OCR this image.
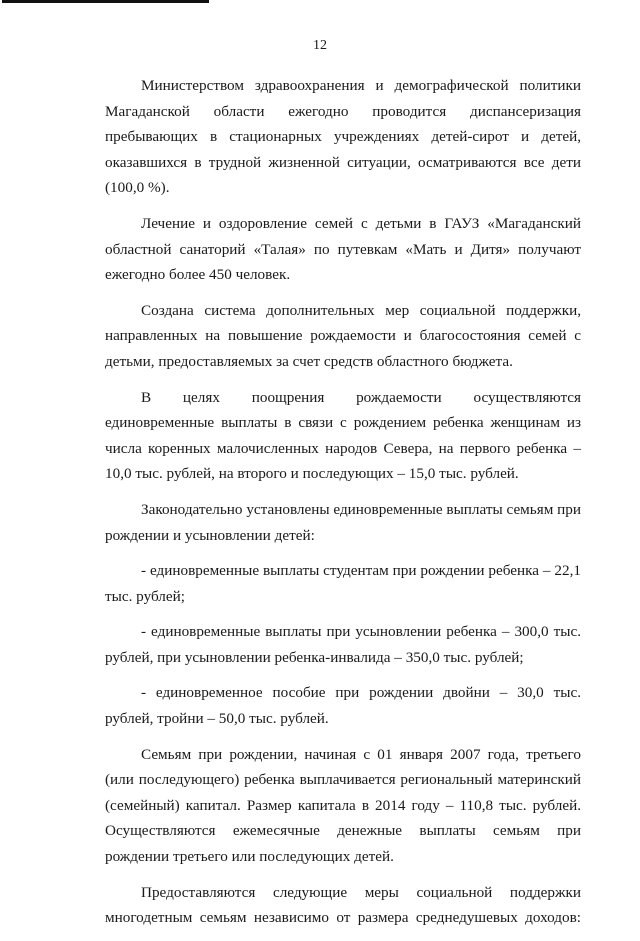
12

Министерством здравоохранения и демографической политики Магаданской области ежегодно проводится диспансеризация пребывающих в стационарных учреждениях детей-сирот и детей, оказавшихся в трудной жизненной ситуации, осматриваются все дети (100,0 %).

Лечение и оздоровление семей с детьми в ГАУЗ «Магаданский областной санаторий «Талая» по путевкам «Мать и Дитя» получают ежегодно более 450 человек.

Создана система дополнительных мер социальной поддержки, направленных на повышение рождаемости и благосостояния семей с детьми, предоставляемых за счет средств областного бюджета.

В целях поощрения рождаемости осуществляются единовременные выплаты в связи с рождением ребенка женщинам из числа коренных малочисленных народов Севера, на первого ребенка – 10,0 тыс. рублей, на второго и последующих – 15,0 тыс. рублей.

Законодательно установлены единовременные выплаты семьям при рождении и усыновлении детей:

- единовременные выплаты студентам при рождении ребенка – 22,1 тыс. рублей;

- единовременные выплаты при усыновлении ребенка – 300,0 тыс. рублей, при усыновлении ребенка-инвалида – 350,0 тыс. рублей;

- единовременное пособие при рождении двойни – 30,0 тыс. рублей, тройни – 50,0 тыс. рублей.

Семьям при рождении, начиная с 01 января 2007 года, третьего (или последующего) ребенка выплачивается региональный материнский (семейный) капитал. Размер капитала в 2014 году – 110,8 тыс. рублей. Осуществляются ежемесячные денежные выплаты семьям при рождении третьего или последующих детей.

Предоставляются следующие меры социальной поддержки многодетным семьям независимо от размера среднедушевых доходов:
